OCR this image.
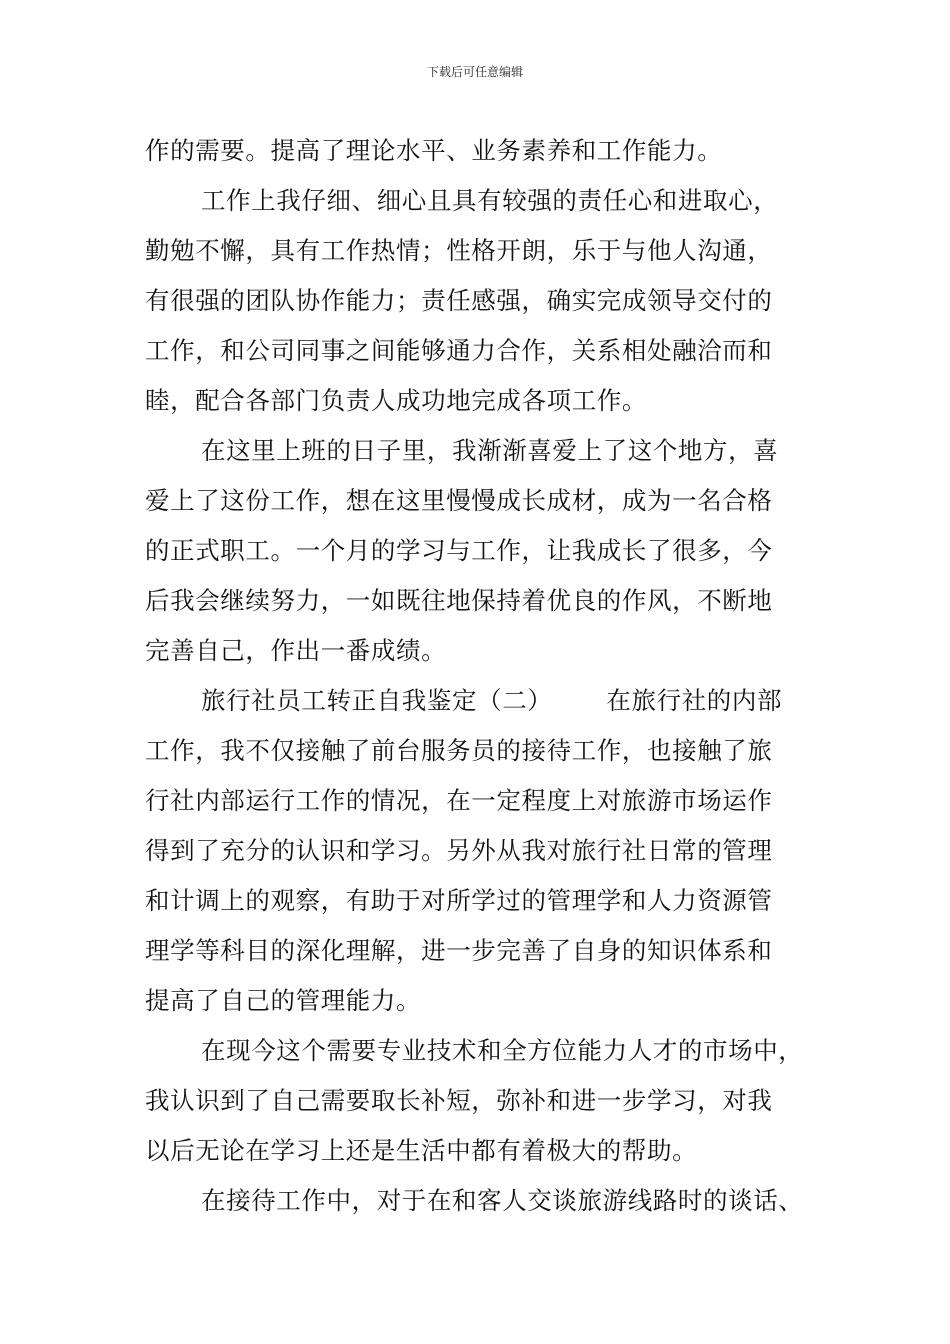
下载后可任意编辑
作的需要。提高了理论水平、业务素养和工作能力。
工作上我仔细、细心且具有较强的责任心和进取心，
勤勉不懈，具有工作热情；性格开朗，乐于与他人沟通，
有很强的团队协作能力；责任感强，确实完成领导交付的
工作，和公司同事之间能够通力合作，关系相处融洽而和
睦，配合各部门负责人成功地完成各项工作。
在这里上班的日子里，我渐渐喜爱上了这个地方，喜
爱上了这份工作，想在这里慢慢成长成材，成为一名合格
的正式职工。一个月的学习与工作，让我成长了很多，今
后我会继续努力，一如既往地保持着优良的作风，不断地
完善自己，作出一番成绩。
旅行社员工转正自我鉴定（二） 在旅行社的内部
工作，我不仅接触了前台服务员的接待工作，也接触了旅
行社内部运行工作的情况，在一定程度上对旅游市场运作
得到了充分的认识和学习。另外从我对旅行社日常的管理
和计调上的观察，有助于对所学过的管理学和人力资源管
理学等科目的深化理解，进一步完善了自身的知识体系和
提高了自己的管理能力。
在现今这个需要专业技术和全方位能力人才的市场中，
我认识到了自己需要取长补短，弥补和进一步学习，对我
以后无论在学习上还是生活中都有着极大的帮助。
在接待工作中，对于在和客人交谈旅游线路时的谈话、
